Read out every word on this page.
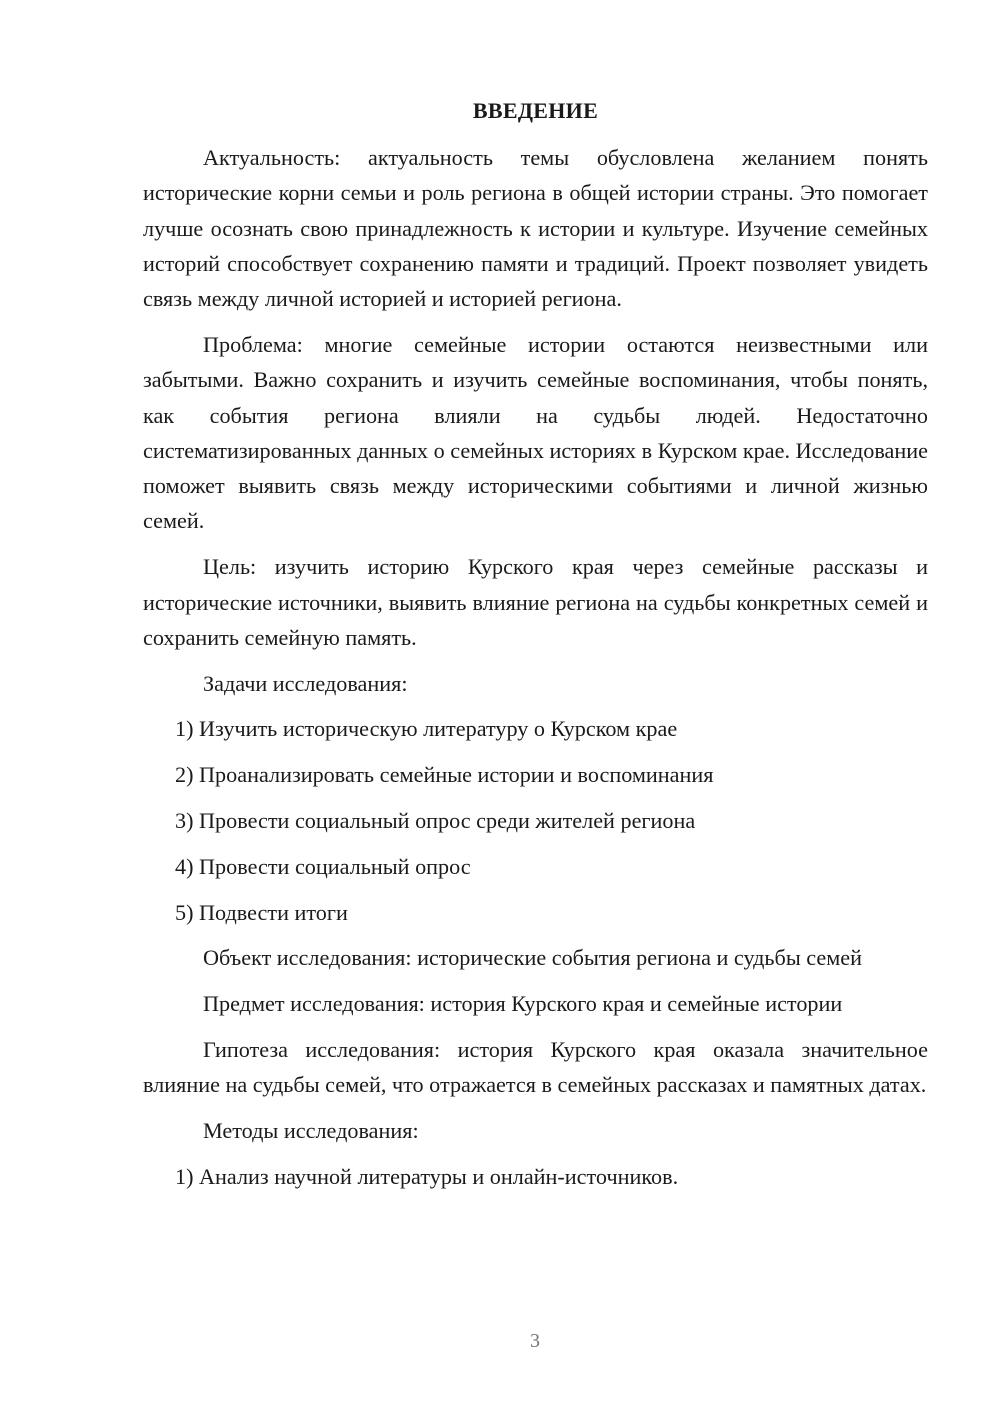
ВВЕДЕНИЕ

Актуальность: актуальность темы обусловлена желанием понять исторические корни семьи и роль региона в общей истории страны. Это помогает лучше осознать свою принадлежность к истории и культуре. Изучение семейных историй способствует сохранению памяти и традиций. Проект позволяет увидеть связь между личной историей и историей региона.

Проблема: многие семейные истории остаются неизвестными или забытыми. Важно сохранить и изучить семейные воспоминания, чтобы понять, как события региона влияли на судьбы людей. Недостаточно систематизированных данных о семейных историях в Курском крае. Исследование поможет выявить связь между историческими событиями и личной жизнью семей.

Цель: изучить историю Курского края через семейные рассказы и исторические источники, выявить влияние региона на судьбы конкретных семей и сохранить семейную память.

Задачи исследования:

1) Изучить историческую литературу о Курском крае
2) Проанализировать семейные истории и воспоминания
3) Провести социальный опрос среди жителей региона
4) Провести социальный опрос
5) Подвести итоги

Объект исследования: исторические события региона и судьбы семей

Предмет исследования: история Курского края и семейные истории

Гипотеза исследования: история Курского края оказала значительное влияние на судьбы семей, что отражается в семейных рассказах и памятных датах.

Методы исследования:

1) Анализ научной литературы и онлайн-источников.
3
